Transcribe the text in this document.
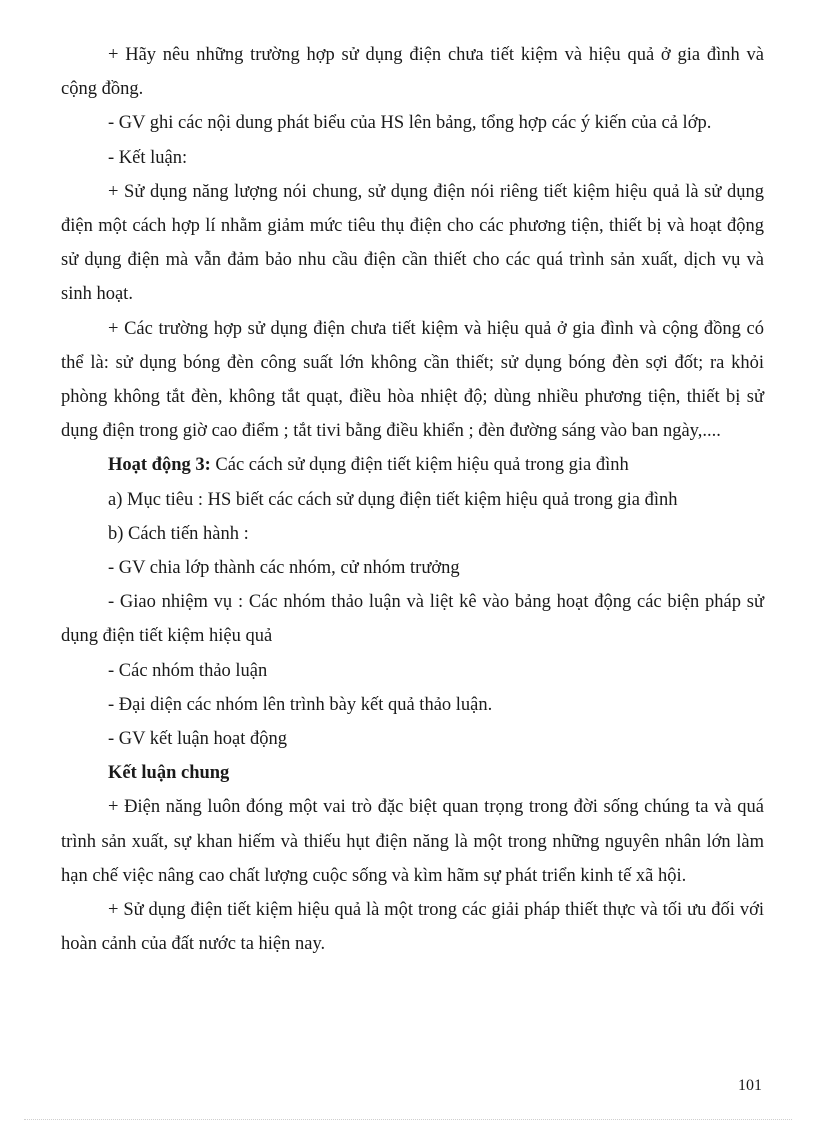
+ Hãy nêu những trường hợp sử dụng điện chưa tiết kiệm và hiệu quả ở gia đình và cộng đồng.

- GV ghi các nội dung phát biểu của HS lên bảng, tổng hợp các ý kiến của cả lớp.

- Kết luận:

+ Sử dụng năng lượng nói chung, sử dụng điện nói riêng tiết kiệm hiệu quả là sử dụng điện một cách hợp lí nhằm giảm mức tiêu thụ điện cho các phương tiện, thiết bị và hoạt động sử dụng điện mà vẫn đảm bảo nhu cầu điện cần thiết cho các quá trình sản xuất, dịch vụ và sinh hoạt.

+ Các trường hợp sử dụng điện chưa tiết kiệm và hiệu quả ở gia đình và cộng đồng có thể là: sử dụng bóng đèn công suất lớn không cần thiết; sử dụng bóng đèn sợi đốt; ra khỏi phòng không tắt đèn, không tắt quạt, điều hòa nhiệt độ; dùng nhiều phương tiện, thiết bị sử dụng điện trong giờ cao điểm ; tắt tivi bằng điều khiển ; đèn đường sáng vào ban ngày,....

Hoạt động 3: Các cách sử dụng điện tiết kiệm hiệu quả trong gia đình

a) Mục tiêu : HS biết các cách sử dụng điện tiết kiệm hiệu quả trong gia đình

b) Cách tiến hành :

- GV chia lớp thành các nhóm, cử nhóm trưởng

- Giao nhiệm vụ : Các nhóm thảo luận và liệt kê vào bảng hoạt động các biện pháp sử dụng điện tiết kiệm hiệu quả

- Các nhóm thảo luận

- Đại diện các nhóm lên trình bày kết quả thảo luận.

- GV kết luận hoạt động

Kết luận chung

+ Điện năng luôn đóng một vai trò đặc biệt quan trọng trong đời sống chúng ta và quá trình sản xuất, sự khan hiếm và thiếu hụt điện năng là một trong những nguyên nhân lớn làm hạn chế việc nâng cao chất lượng cuộc sống và kìm hãm sự phát triển kinh tế xã hội.

+ Sử dụng điện tiết kiệm hiệu quả là một trong các giải pháp thiết thực và tối ưu đối với hoàn cảnh của đất nước ta hiện nay.

101
